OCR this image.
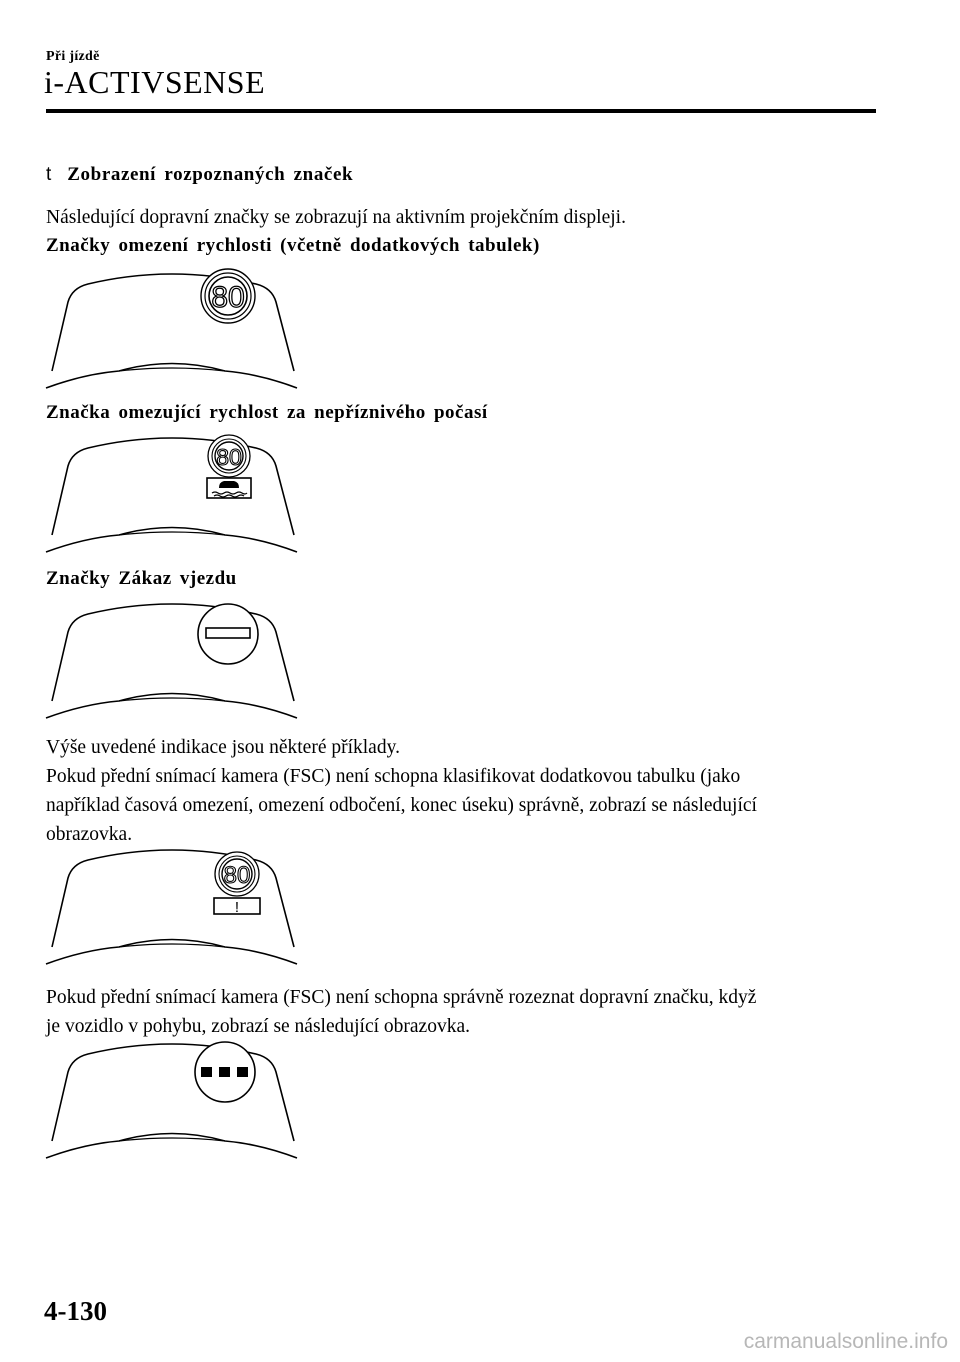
Při jízdě
i-ACTIVSENSE
t Zobrazení rozpoznaných značek
Následující dopravní značky se zobrazují na aktivním projekčním displeji.
Značky omezení rychlosti (včetně dodatkových tabulek)
80
Značka omezující rychlost za nepříznivého počasí
80
Značky Zákaz vjezdu
Výše uvedené indikace jsou některé příklady.
Pokud přední snímací kamera (FSC) není schopna klasifikovat dodatkovou tabulku (jako
například časová omezení, omezení odbočení, konec úseku) správně, zobrazí se následující
obrazovka.
80
!
Pokud přední snímací kamera (FSC) není schopna správně rozeznat dopravní značku, když
je vozidlo v pohybu, zobrazí se následující obrazovka.
4-130
carmanualsonline.info
